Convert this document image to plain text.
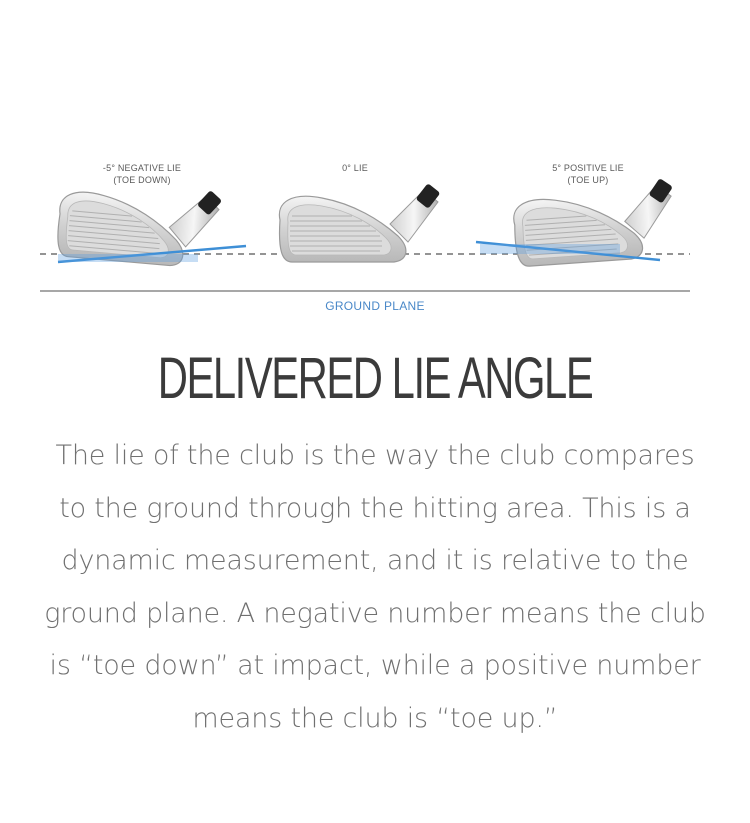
-5° NEGATIVE LIE
(TOE DOWN)
0° LIE	5° POSITIVE LIE
(TOE UP)
GROUND PLANE
DELIVERED LIE ANGLE
The lie of the club is the way the club compares to the ground through the hitting area. This is a dynamic measurement, and it is relative to the ground plane. A negative number means the club is “toe down” at impact, while a positive number means the club is “toe up.”
